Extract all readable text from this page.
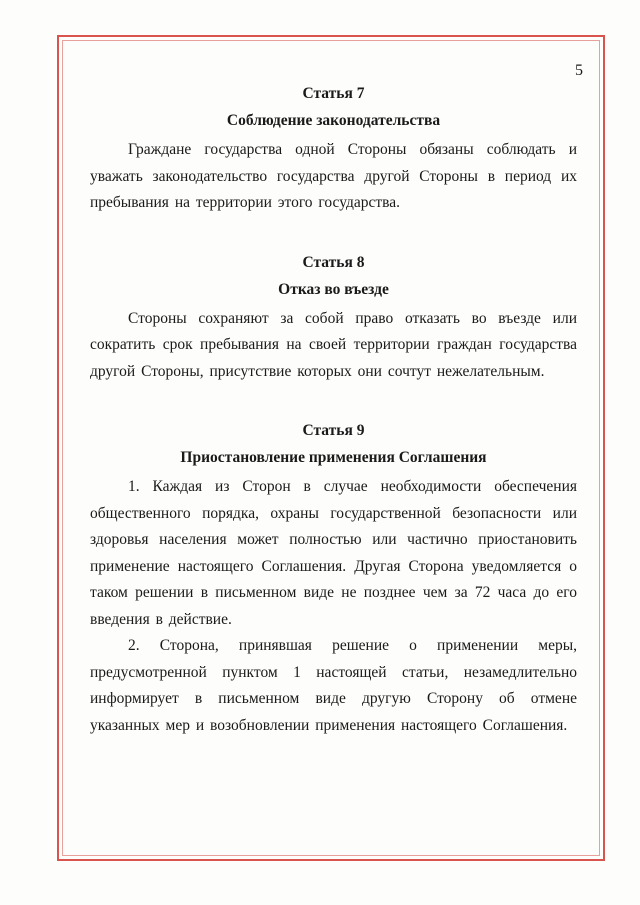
5

Статья 7

Соблюдение законодательства

Граждане государства одной Стороны обязаны соблюдать и уважать законодательство государства другой Стороны в период их пребывания на территории этого государства.

Статья 8

Отказ во въезде

Стороны сохраняют за собой право отказать во въезде или сократить срок пребывания на своей территории граждан государства другой Стороны, присутствие которых они сочтут нежелательным.

Статья 9

Приостановление применения Соглашения

1. Каждая из Сторон в случае необходимости обеспечения общественного порядка, охраны государственной безопасности или здоровья населения может полностью или частично приостановить применение настоящего Соглашения. Другая Сторона уведомляется о таком решении в письменном виде не позднее чем за 72 часа до его введения в действие.

2. Сторона, принявшая решение о применении меры, предусмотренной пунктом 1 настоящей статьи, незамедлительно информирует в письменном виде другую Сторону об отмене указанных мер и возобновлении применения настоящего Соглашения.
